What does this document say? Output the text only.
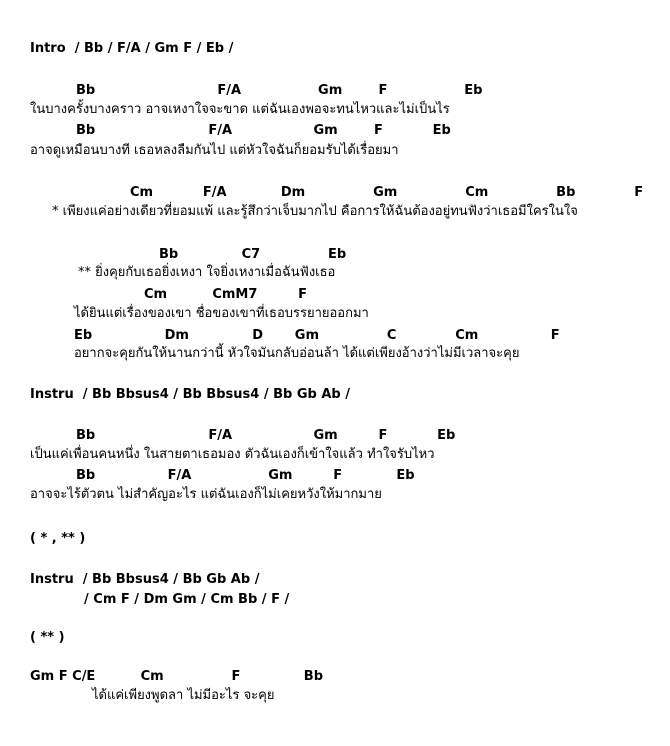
Intro  / Bb / F/A / Gm F / Eb /

Bb                           F/A                 Gm        F                 Eb

ในบางครั้งบางคราว อาจเหงาใจจะขาด แต่ฉันเองพอจะทนไหวและไม่เป็นไร

Bb                         F/A                  Gm        F           Eb

อาจดูเหมือนบางที เธอหลงลืมกันไป แต่หัวใจฉันก็ยอมรับได้เรื่อยมา

Cm           F/A            Dm               Gm               Cm               Bb             F

* เพียงแค่อย่างเดียวที่ยอมแพ้ และรู้สึกว่าเจ็บมากไป คือการให้ฉันต้องอยู่ทนฟังว่าเธอมีใครในใจ

Bb              C7               Eb

** ยิ่งคุยกับเธอยิ่งเหงา ใจยิ่งเหงาเมื่อฉันฟังเธอ

Cm          CmM7         F

ได้ยินแต่เรื่องของเขา ชื่อของเขาที่เธอบรรยายออกมา

Eb                Dm              D       Gm               C             Cm                F

อยากจะคุยกันให้นานกว่านี้ หัวใจมันกลับอ่อนล้า ได้แต่เพียงอ้างว่าไม่มีเวลาจะคุย

Instru  / Bb Bbsus4 / Bb Bbsus4 / Bb Gb Ab /

Bb                         F/A                  Gm         F           Eb

เป็นแค่เพื่อนคนหนึ่ง ในสายตาเธอมอง ตัวฉันเองก็เข้าใจแล้ว ทำใจรับไหว

Bb                F/A                 Gm         F            Eb

อาจจะไร้ตัวตน ไม่สำคัญอะไร แต่ฉันเองก็ไม่เคยหวังให้มากมาย

( * , ** )

Instru  / Bb Bbsus4 / Bb Gb Ab /

/ Cm F / Dm Gm / Cm Bb / F /

( ** )

Gm F C/E          Cm               F              Bb

ได้แค่เพียงพูดลา ไม่มีอะไร จะคุย
